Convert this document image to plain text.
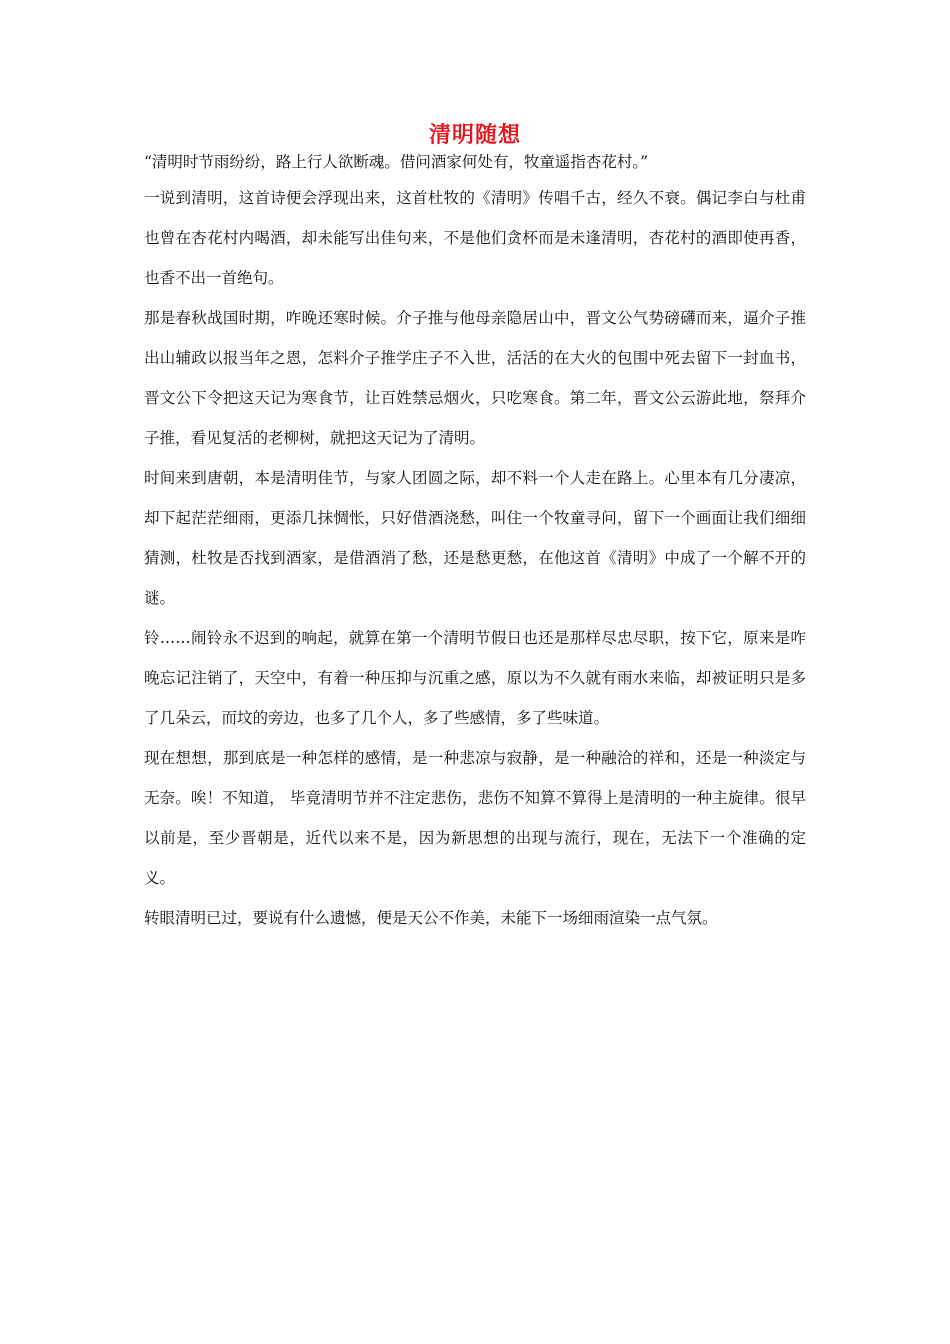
清明随想

“清明时节雨纷纷，路上行人欲断魂。借问酒家何处有，牧童遥指杏花村。”

一说到清明，这首诗便会浮现出来，这首杜牧的《清明》传唱千古，经久不衰。偶记李白与杜甫也曾在杏花村内喝酒，却未能写出佳句来，不是他们贪杯而是未逢清明，杏花村的酒即使再香，也香不出一首绝句。

那是春秋战国时期，咋晚还寒时候。介子推与他母亲隐居山中，晋文公气势磅礴而来，逼介子推出山辅政以报当年之恩，怎料介子推学庄子不入世，活活的在大火的包围中死去留下一封血书，晋文公下令把这天记为寒食节，让百姓禁忌烟火，只吃寒食。第二年，晋文公云游此地，祭拜介子推，看见复活的老柳树，就把这天记为了清明。

时间来到唐朝，本是清明佳节，与家人团圆之际，却不料一个人走在路上。心里本有几分凄凉，却下起茫茫细雨，更添几抹惆怅，只好借酒浇愁，叫住一个牧童寻问，留下一个画面让我们细细猜测，杜牧是否找到酒家，是借酒消了愁，还是愁更愁，在他这首《清明》中成了一个解不开的谜。

铃……闹铃永不迟到的响起，就算在第一个清明节假日也还是那样尽忠尽职，按下它，原来是咋晚忘记注销了，天空中，有着一种压抑与沉重之感，原以为不久就有雨水来临，却被证明只是多了几朵云，而坟的旁边，也多了几个人，多了些感情，多了些味道。

现在想想，那到底是一种怎样的感情，是一种悲凉与寂静，是一种融洽的祥和，还是一种淡定与无奈。唉！不知道， 毕竟清明节并不注定悲伤，悲伤不知算不算得上是清明的一种主旋律。很早以前是，至少晋朝是，近代以来不是，因为新思想的出现与流行，现在，无法下一个准确的定义。

转眼清明已过，要说有什么遗憾，便是天公不作美，未能下一场细雨渲染一点气氛。
